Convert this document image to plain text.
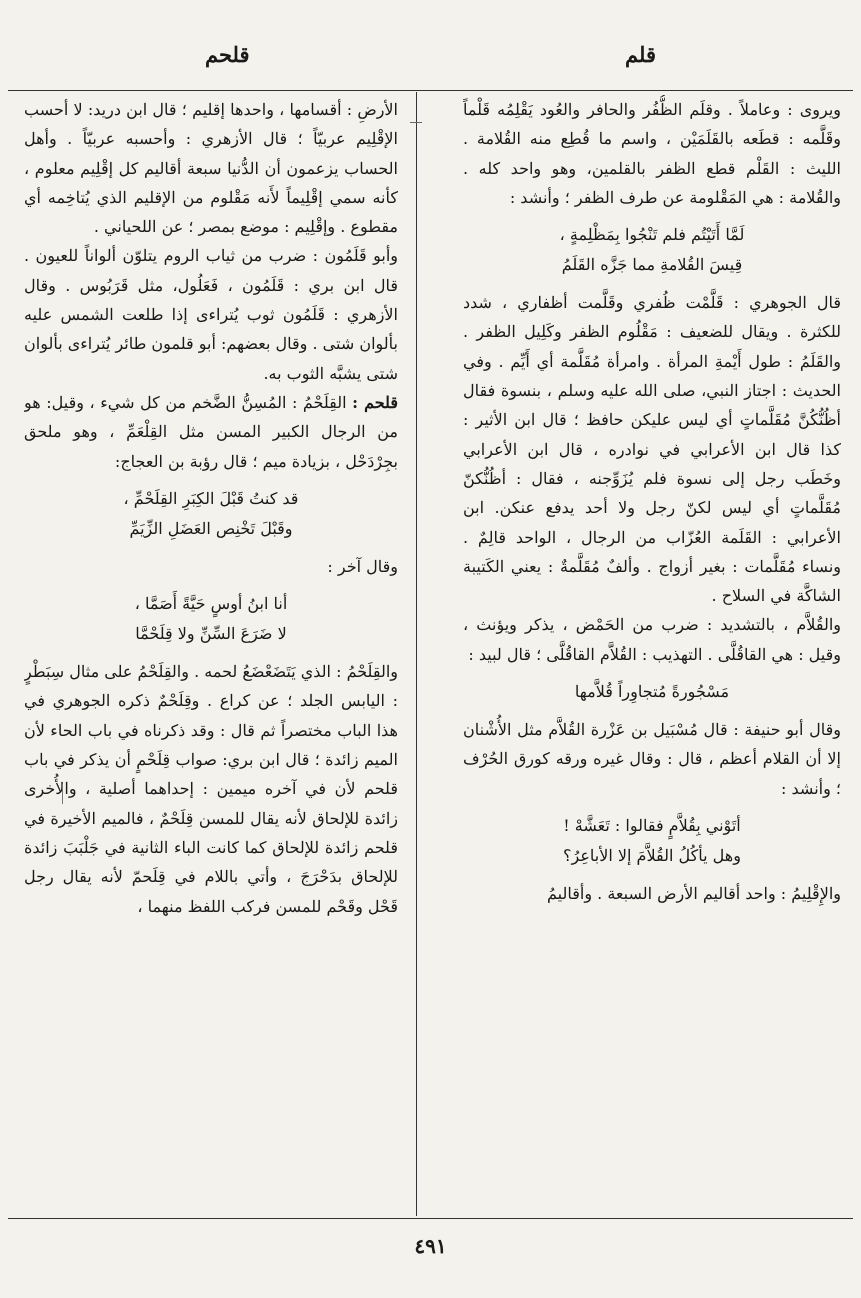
قلم
قلحم

ويروى : وعاملاً . وقلَم الظُّفُر والحافر والعُود يَقْلِمُه قَلْماً وقَلَّمه : قطَعه بالقَلَمَيْن ، واسم ما قُطِع منه القُلامة . الليث : القَلْم قطع الظفر بالقلمين، وهو واحد كله . والقُلامة : هي المَقْلومة عن طرف الظفر ؛ وأنشد :

لَمَّا أَتَيْتُم فلم تَنْجُوا بِمَظْلِمةٍ ،
قِيسَ القُلامةِ مما جَزَّه القَلَمُ

قال الجوهري : قَلَّمْت ظُفري وقَلَّمت أظفاري ، شدد للكثرة . ويقال للضعيف : مَقْلُوم الظفر وكَلِيل الظفر . والقَلَمُ : طول أَيْمةِ المرأة . وامرأة مُقَلَّمة أي أَيِّم . وفي الحديث : اجتاز النبي، صلى الله عليه وسلم ، بنسوة فقال أظُنُّكُنَّ مُقَلَّماتٍ أي ليس عليكن حافظ ؛ قال ابن الأثير : كذا قال ابن الأعرابي في نوادره ، قال ابن الأعرابي وخَطَب رجل إلى نسوة فلم يُزَوِّجنه ، فقال : أظُنُّكنّ مُقَلَّماتٍ أي ليس لكنّ رجل ولا أحد يدفع عنكن. ابن الأعرابي : القَلَمة العُزّاب من الرجال ، الواحد قالِمٌ . ونساء مُقَلَّمات : بغير أزواج . وألفٌ مُقَلَّمةٌ : يعني الكَتيبة الشاكَّة في السلاح .

والقُلاَّم ، بالتشديد : ضرب من الحَمْض ، يذكر ويؤنث ، وقيل : هي القاقُلَّى . التهذيب : القُلاَّم القاقُلَّى ؛ قال لبيد :

مَسْجُورةً مُتجاوِراً قُلاَّمها

وقال أبو حنيفة : قال مُسْبَيل بن عَزْرة القُلاَّم مثل الأُشْنان إلا أن القلام أعظم ، قال : وقال غيره ورقه كورق الحُرْف ؛ وأنشد :

أتَوْني بِقُلاَّمٍ فقالوا : تَعَشَّهْ !
وهل يأكُلُ القُلاَّمَ إلا الأباعِرُ؟

والإِقْلِيمُ : واحد أقاليم الأرض السبعة . وأقاليمُ

الأرضِ : أقسامها ، واحدها إقليم ؛ قال ابن دريد: لا أحسب الإقْلِيم عربيّاً ؛ قال الأزهري : وأحسبه عربيّاً . وأهل الحساب يزعمون أن الدُّنيا سبعة أقاليم كل إقْلِيم معلوم ، كأنه سمي إقْلِيماً لأَنه مَقْلوم من الإقليم الذي يُتاخِمه أي مقطوع . وإقْلِيم : موضع بمصر ؛ عن اللحياني .

وأبو قَلَمُون : ضرب من ثياب الروم يتلوّن ألواناً للعيون . قال ابن بري : قَلَمُون ، فَعَلُول، مثل قَرَبُوس . وقال الأزهري : قَلَمُون ثوب يُتراءى إذا طلعت الشمس عليه بألوان شتى . وقال بعضهم: أبو قلمون طائر يُتراءى بألوان شتى يشبَّه الثوب به.

قلحم : القِلَحْمُ : المُسِنُّ الضَّخم من كل شيء ، وقيل: هو من الرجال الكبير المسن مثل القِلْعَمِّ ، وهو ملحق بجِرْدَحْل ، بزيادة ميم ؛ قال رؤبة بن العجاج:

قد كنتُ قَبْلَ الكِبَرِ القِلَحْمِّ ،
وقَبْلَ تَخْنِص العَضَلِ الزِّيَمِّ

وقال آخر :

أنا ابنُ أوسٍ حَيَّةً أَصَمَّا ،
لا ضَرَعَ السِّنِّ ولا قِلَحْمَّا

والقِلَحْمُ : الذي يَتَضَعْضَعُ لحمه . والقِلَحْمُ على مثال سِبَطْرٍ : اليابس الجلد ؛ عن كراع . وقِلَحْمٌ ذكره الجوهري في هذا الباب مختصراً ثم قال : وقد ذكرناه في باب الحاء لأن الميم زائدة ؛ قال ابن بري: صواب قِلَحْمٍ أن يذكر في باب قلحم لأن في آخره ميمين : إحداهما أصلية ، والأُخرى زائدة للإلحاق لأنه يقال للمسن قِلَحْمٌ ، فالميم الأخيرة في قلحم زائدة للإلحاق كما كانت الباء الثانية في جَلْبَبَ زائدة للإلحاق بدَحْرَجَ ، وأتي باللام في قِلَحمّ لأنه يقال رجل قَحْل وقَحْم للمسن فركب اللفظ منهما ،

٤٩١
